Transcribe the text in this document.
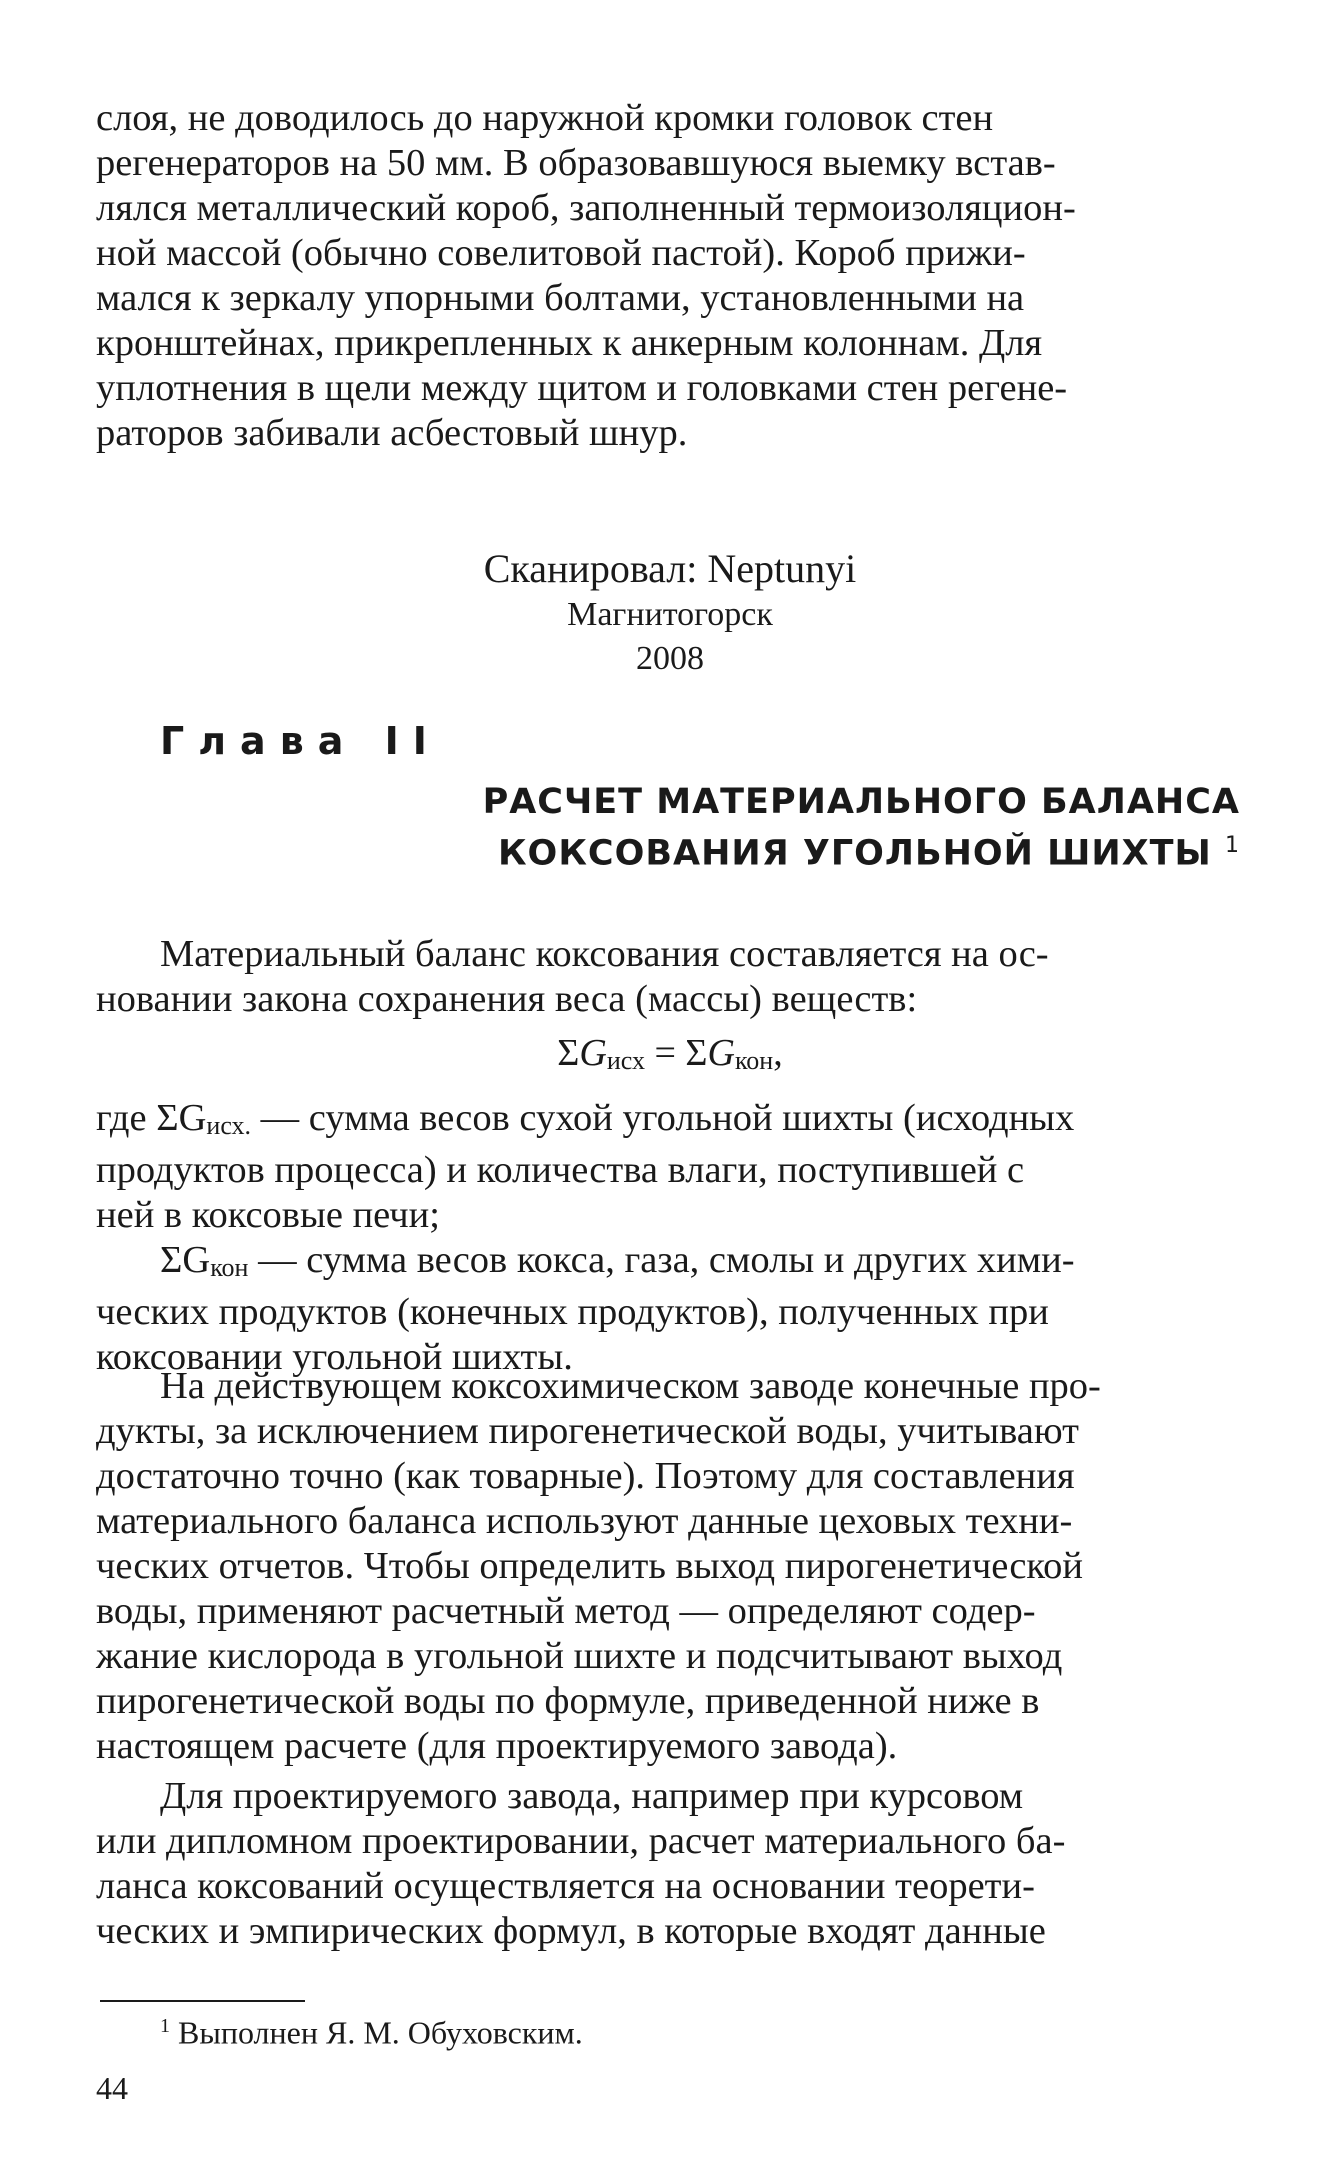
слоя, не доводилось до наружной кромки головок стен

регенераторов на 50 мм. В образовавшуюся выемку встав-

лялся металлический короб, заполненный термоизоляцион-

ной массой (обычно совелитовой пастой). Короб прижи-

мался к зеркалу упорными болтами, установленными на

кронштейнах, прикрепленных к анкерным колоннам. Для

уплотнения в щели между щитом и головками стен регене-

раторов забивали асбестовый шнур.

Сканировал: Neptunyi
Магнитогорск
2008
Глава II
РАСЧЕТ МАТЕРИАЛЬНОГО БАЛАНСА
КОКСОВАНИЯ УГОЛЬНОЙ ШИХТЫ $^1$

Материальный баланс коксования составляется на ос-

новании закона сохранения веса (массы) веществ:

ΣGисх = ΣGкон,

где ΣGисх. — сумма весов сухой угольной шихты (исходных

продуктов процесса) и количества влаги, поступившей с

ней в коксовые печи;

ΣGкон — сумма весов кокса, газа, смолы и других хими-

ческих продуктов (конечных продуктов), полученных при

коксовании угольной шихты.

На действующем коксохимическом заводе конечные про-

дукты, за исключением пирогенетической воды, учитывают

достаточно точно (как товарные). Поэтому для составления

материального баланса используют данные цеховых техни-

ческих отчетов. Чтобы определить выход пирогенетической

воды, применяют расчетный метод — определяют содер-

жание кислорода в угольной шихте и подсчитывают выход

пирогенетической воды по формуле, приведенной ниже в

настоящем расчете (для проектируемого завода).

Для проектируемого завода, например при курсовом

или дипломном проектировании, расчет материального ба-

ланса коксований осуществляется на основании теорети-

ческих и эмпирических формул, в которые входят данные

$^1$ Выполнен Я. М. Обуховским.
44
